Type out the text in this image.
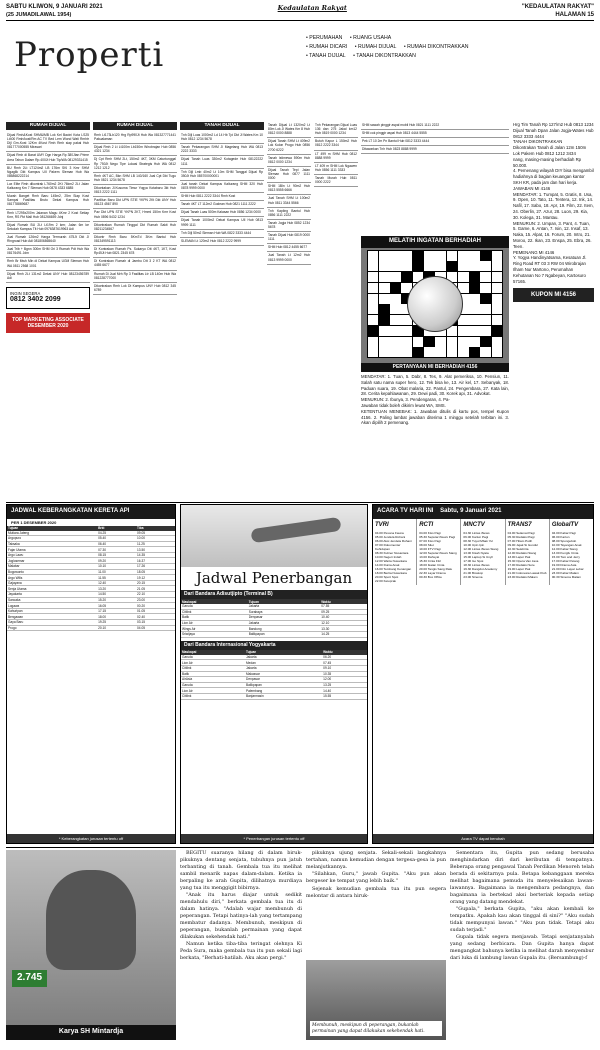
SABTU KLIWON, 9 JANUARI 2021
(25 JUMADILAWAL 1954)
Kedaulatan Rakyat	"KEDAULATAN RAKYAT"
HALAMAN 15
Properti	• PERUMAHAN • RUANG USAHA
• RUMAH DICARI • RUMAH DIJUAL • RUMAH DIKONTRAKKAN
• TANAH DIJUAL • TANAH DIKONTRAKKAN
RUMAH DIJUAL
Dijual Rmh&Kost SHM&IMB Lok Kel Bacini Kota LS25 Lt400 Rmh/kost/Rm AC TV Bed Lem Wond Wati Rmhtr Dijl Grn-Kost 12Km 4Kost Rmh Rmh siap pakai Hub 081777000555 Mirasari
Dijual Rmh di Barat UMY Dgn Harga Rp 380Jtan Prime Area Tahun Dalam Rp.400Jt Hub Tlp/WA 08129331415
BU Rmh 2Lt LT124m2 LB 176m SKI 3 Kmr SHM Ngaglik Dkt Kampus UII Pakem Sleman Hub Wa 085868222214
Lux Elite Rmh dikontrak L760m2 2Kt 76km2 2Lt Jalan Kaliurang Km 7 Sleman Hub 0878 4333 6885
Murah Banget Rmh Baru 145m2, 25m Siap Kost Sampai Fasilitas Bruto Dekat Kampus Hub 081778869687
Rmh LT295x200m Jalanan Magu 4Kmr 2 Kost Setiap Kmr, RS Pkt Mall Hub 081266659 Jdnj
Dijual Rumah BU 2Lt Lt19m 2 kmr, Jalan 6m ke Sekolah Kampus Tlt Hub 0976387619963 Adi
Jual Rumah 126m2 Harga Termurah 475Jt Dkt Jl Ringroad Hub Adi 081806865640
Jual Trib + Bgnn 300m SHM Ori 3 Rumah Pdt Hub Wa 08176491 Jdm
Rmh Br Mwh Min di Dekat Kampus UGM Sleman Hub WA 0811 2568 1001
Dijual Rmh 2Lt 131m2 Dekat UNY Hub 08123456789 Adi
INGIN SEGERA
0812 3402 2099
TOP MARKETING ASSOCIATE DESEMBER 2020
RUMAH DIJUAL
Rmh Lt173Lb120 Hrg Rp990Jt Hub Wa 081327771441 Pakualaman
Dijual Rmh 2 Lt Lt100m Lb150m Wirobrajan Hub 0856 4321 1234
Dj Cpt Rmh SHM 2Lt, 150m2 4KT, 3KM Caturtunggal Rp 750Jt Nego Tipe Lokasi Strategis Hub WA 0812 1212 1212
Rmh 4KT AC, Bkn SHM LB 140/160 Jual Cpt Dkt Tugu Hub 0821 1234 5678
Dikontakan JI.Kusuma Timur Yogya Kotabaru 3kt Hub 0813 2222 1111
Pavilliun Baru Dkt UPN STIE YKPN 2Kt Dkt UNY Hub 08123 4567 890
Pav Dkt UPN STIE YKPN 2KT, Hrnml 150m Kmr Kost Hub 0896 5432 1234
Dikontrakan Rumah Tinggal Dkt Rumah Sakit Hub 08211234567
Dikontr Rmh Baru 5KmTd 3Km Bantul Hub 081349591113
Di Kontrakan Rumah Ps. Sukaryo Dtt 4KT, 1KT, Kost Rp45Jt Hub 0821 2345 678
Di Kontrakan Rumah di Jambu Dtt 3 2 KT WA 0812 4455 6677
Rumah Di Jual Mrh Rp 3 Fasilitas Ltr LB 140m Hub Wa 081228777000
Dikontrakan Rmh Lok Dt Kampus UNY Hub 0812 345 6789
TANAH DIJUAL
Tnh Dijl Luas 1000m2 Ld 14 Hb Tpi Dkt Jl Wates Km 10 Hub 0812 1234 5678
Tanah Pekarangan SHM Jl Magelang Hub WA 0813 2222 3333
Dijual Tanah Luas 330m2 Kotagede Hub 08122222 1111
Tnh Dijl Lmb 40m2 Lt 10m SHM Tanggal Dijual Rp 350Jt Hub 085700000001
Jual tanah Dekat Kampus Kaliurang SHM 320 Hub 0878 9999 0000
SHM Hub 0811 2222 3344 Rmh Kost
Tanah 4KT LT 112m2 Godean Hub 0821 1111 2222
Dijual Tanah Luas 500m Kalasan Hub 0856 1234 0000
Dijual Tanah 1000m2 Dekat Kampus UII Hub 0813 9999 1111
Tnh Dijl 50m2 Sleman Hub WA 0822 3333 4444
SLEMAN Lt 120m2 Hub 0812 2222 9999
Tanah Dijual Lt 1320m2 Lt 80m Lok Jl Wates Km 8 Hub 0812 0000 8888
Dijual Tanah SHM Lt 409m2 Lok Kulon Progo Hub 0856 2700 6222
Tanah Istimewa 590m Hub 0812 0000 1234
Dijual Tanah Tepi Jalan Sleman Hub 0877 1111 0000
SHM 1Bln Lt 90m2 Hub 0813 5555 6666
Jual Tanah SHM Lt 100m2 Hub 0811 3344 5566
Tnh Kapling Bantul Hub 0856 1111 2222
Tanah Jogja Hub 0852 1234 5678
Tanah Dijual Hub 0819 0000 1111
SHM Hub 0812 4455 6677
Jual Tanah Lt 12m2 Hub 0813 9999 0000
Tnh Pekarangan Dijual Luas 136 dan 275 Jakal km12 Hub 0819 0000 1234
Butuh Kapur L 150m2 Hub 0812 2222 3344
LT 499 m SHM Hub 0812 8888 9999
LT 409 m SHM Lok Ngawen Hub 0856 1111 3333
Tanah Murah Hub 0811 0000 2222
SHM sawah pinggir aspal mobil Hub 0821 1111 2222
SHM cok pinggir aspal Hub 0813 4444 5555
Pek LT 10 2m Pn Bantul Hub 0812 3333 4444
Ditawarkan Tnh Hub 0823 8888 9999
MELATIH INGATAN BERHADIAH
PERTANYAAN MI BERHADIAH 4156

MENDATAR: 1. Tuan, 5. Dabr, 8. Tes, 9. Alat pemeriksa, 10. Pensiun, 11. Salah satu nama super hero, 12. Tek bisa ke, 13. Air kel, 17. Sebanyak, 18. Paduan suara, 19. Obat malaria, 22. Pantul, 24. Pengembara, 27. Kata lain, 28. Cerita kepahlawanan, 29. Dewi padi, 30. Korek api, 31. Advokat.

MENURUN: 2. Ibunya, 3. Pendengaran, 4. Pa-

Jawaban tidak boleh dikirim lewat WA, SMS.

KETENTUAN MENEBAK: 1. Jawaban ditulis di kartu pos, tempel Kupon 4156. 2. Paling lambat jawaban diterima 1 minggu setelah terbitan ini. 3. Akan dipilih 2 pemenang.

Hrg Tim Tanah Rp 127/m2 Hub 0813 1234

Dijual Tanah Dpan Jalan Jogja-Wates Hub 0812 3333 4444

TANAH DIKONTRAKKAN

Dikontrakan Tanah di Jalan 12m 150m Lok Pakem Hub 0812 1212 3434

nang, masing-masing berhadiah Rp 50.000.

4. Pemenang wilayah DIY bisa mengambil hadiahnya di bagian keuangan kantor SKH KR, pada jam dan hari kerja.

JAWABAN MI 4146

MENDATAR: 1. Tumpat, 5. Gratis, 8. Usa, 9. Open, 10. Tato, 11. Tentera, 12. Ink, 14. Nafil, 17. Sabo, 18. Apr, 19. Film, 22. Item, 24. Oberlin, 27. Azur, 28. Luon, 29. Kia, 30. Kolega, 31. Mantau.

MENURUN: 2. Umpan, 3. Pant, 4. Tuan, 5. Game, 6. Antan, 7. Isin, 12. Insaf, 13. Naka, 15. Alpat, 16. Forum, 20. Intro, 21. Moroo, 22. Ikan, 23. Enspa, 25. Ebra, 26. Teen.

PEMENANG MI 4146

Y. Yogya Handinyatsama, Kesatuan Jl. Ring Road RT 03 3 RW 04 Wirobrajan

Ilham Nur Martono, Perumahan Kehutanan No 7 Ngabeyan, Kartosuro 57165.

KUPON MI 4156
JADWAL KEBERANGKATAN KERETA API
PER 1 DESEMBER 2020
Tujuan	Brkt	Tiba
Mutiara Jateng	04.25	09.05
Argopuro	05.40	10.00
Taksaka	06.40	11.25
Fajar Utama	07.30	13.50
Argo Lawu	08.15	14.35
Joglosemar	09.20	16.37
Malabar	10.10	17.26
Bogowonto	11.00	18.05
Argo Wilis	11.55	19.12
Gajayana	12.40	20.15
Senja Utama	13.20	21.05
Jayakarta	14.50	22.10
Sancaka	15.20	23.00
Logawa	16.05	00.20
Kahuripan	17.15	01.05
Bengawan	18.00	02.40
Gaya Baru	19.25	03.15
Progo	20.10	04.05
* Keberangkatan jurusan tertentu off
Jadwal Penerbangan
Dari Bandara Adisutjipto (Terminal B)
Maskapai	Tujuan	Waktu
Garuda	Jakarta	07.55
Citilink	Surabaya	09.25
Batik	Denpasar	10.40
Lion Air	Jakarta	12.10
Wings Air	Bandung	13.30
Sriwijaya	Balikpapan	14.25
Dari Bandara Internasional Yogyakarta
Maskapai	Tujuan	Waktu
Garuda	Jakarta	06.20
Lion Air	Medan	07.45
Citilink	Jakarta	09.10
Batik	Makassar	10.35
AirAsia	Denpasar	12.00
Garuda	Balikpapan	13.25
Lion Air	Palembang	14.40
Citilink	Banjarmasin	15.55
* Penerbangan jurusan tertentu off
ACARA TV HARI INI Sabtu, 9 Januari 2021
TVRI
04.00 Pesona Fauna
05.00 Jendela Rohani
06.00 Aksi Jendela Rohani
07.00 Dokumenter Kehidupan
08.30 Kuliner Nusantara
10.00 Negeri Indah
12.00 Warta Nusantara
14.00 Dunia Anak
16.00 Tembang Kenangan
18.00 Berita Nusantara
20.00 Sport Spot
22.00 Ketoprak
RCTI
04.00 Kiss Pagi
05.30 Seputar iNews Pagi
07.00 Kiss Pagi
08.00 Silet
10.00 FTV Pagi
12.00 Seputar iNews Siang
13.00 Dahsyat
15.30 Cinta Fitri
18.00 Ikatan Cinta
20.00 Tangis Sang Ratu
22.30 Layar Drama
00.30 Box Office
MNCTV
04.30 Lintas iNews
06.00 Kartun Pagi
08.30 Tuyul Mbak Yul
10.00 Upin Ipin
12.00 Lintas iNews Siang
13.00 Kisah Nyata
15.00 Laptop Si Unyil
17.00 Go Spot
18.30 Lintas iNews
19.30 Dangdut Academy
21.00 Bioskop
23.00 Sinema
TRANS7
04.00 Selamat Pagi
05.30 Redaksi Pagi
07.00 Hitam Putih
09.00 Jejak Si Gundul
10.30 Selebrita
12.00 Redaksi Siang
13.00 Lapor Pak
15.30 Opera Van Java
17.00 Redaksi Sore
19.00 Lapor Pak
21.00 Indonesia Lawak Klub
23.00 Redaksi Malam
GlobalTV
04.00 Kabar Pagi
06.00 Kartun
08.00 Spongebob
10.00 Tayangan Anak
12.00 Kabar Siang
13.00 Kungfu Cinta
15.00 Tom and Jerry
17.00 Kabar Petang
19.00 Drama Asia
21.00 Film Layar Lebar
23.00 Kabar Malam
00.30 Sinema Malam
Acara TV dapat berubah
2.745
Karya SH Mintardja

BEGITU suaranya hilang di dalam biruk-pikuknya dentang senjata, tubuhnya pun jatuh terbanting di tanah. Gembala tua itu melihat sambil menarik napas dalam-dalam. Ketika ia berpaling ke arah Gupita, dilihatnya murdiaya yang tua itu menggigit bibirnya.

"Anak itu harus diajar untuk sedikit mendahulu diri," berkata gembala tua itu di dalam hatinya. "Adalah wajar membunuh di peperangan. Tetapi hatinya-lah yang tertampang membatur dadanya. Membunuh, meskipun di peperangan, bukanlah permainan yang dapat dilakukan sekehendak hati."

Namun ketika tiba-tiba teringat olehnya Ki Peda Sura, maka gembala tua itu pun sekali lagi berkata, "Berhati-hatilah. Aku akan pergi."

pikuknya ujung senjata. Sekali-sekali langkahnya tertahan, namun kemudian dengan tergesa-gesa ia pun melanjutkannya.

"Silahkan, Guru," jawab Gupita. "Aku pun akan bergeser ke tempat yang lebih baik."

Sejenak kemudian gembala tua itu pun segera melontar di antara hiruk-

Membunuh, meskipun di peperangan, bukanlah permainan yang dapat dilakukan sekehendak hati.

Sementara itu, Gupita pun sedang berusaha menghindarkan diri dari keributan di tempatnya. Beberapa orang pengawal Tanah Perdikan Menoreh telah berada di sekitarnya pula. Betapa kebanggaan mereka melihat bagaimana pemuda itu menyelesaikan lawan-lawannya. Bagaimana ia mengembara pedangnya, dan bagaimana ia bertekad aksi berteriak kepada setiap orang yang datang mendekat.

"Gupala," berkata Gupita, "aku akan kembali ke tempatku. Apakah kau akan tinggal di sini?" "Aku sudah tidak mempunyai lawan." "Aku pun tidak. Tetapi aku sudah terjadi."

Gupala tidak segera menjawab. Tetapi senjatanyalah yang sedang berbicara. Dan Gupita hanya dapat mengangkat bahunya ketika ia melihat darah menyembur dari luka di lambung lawan Gupala itu. (Bersambung)-f
